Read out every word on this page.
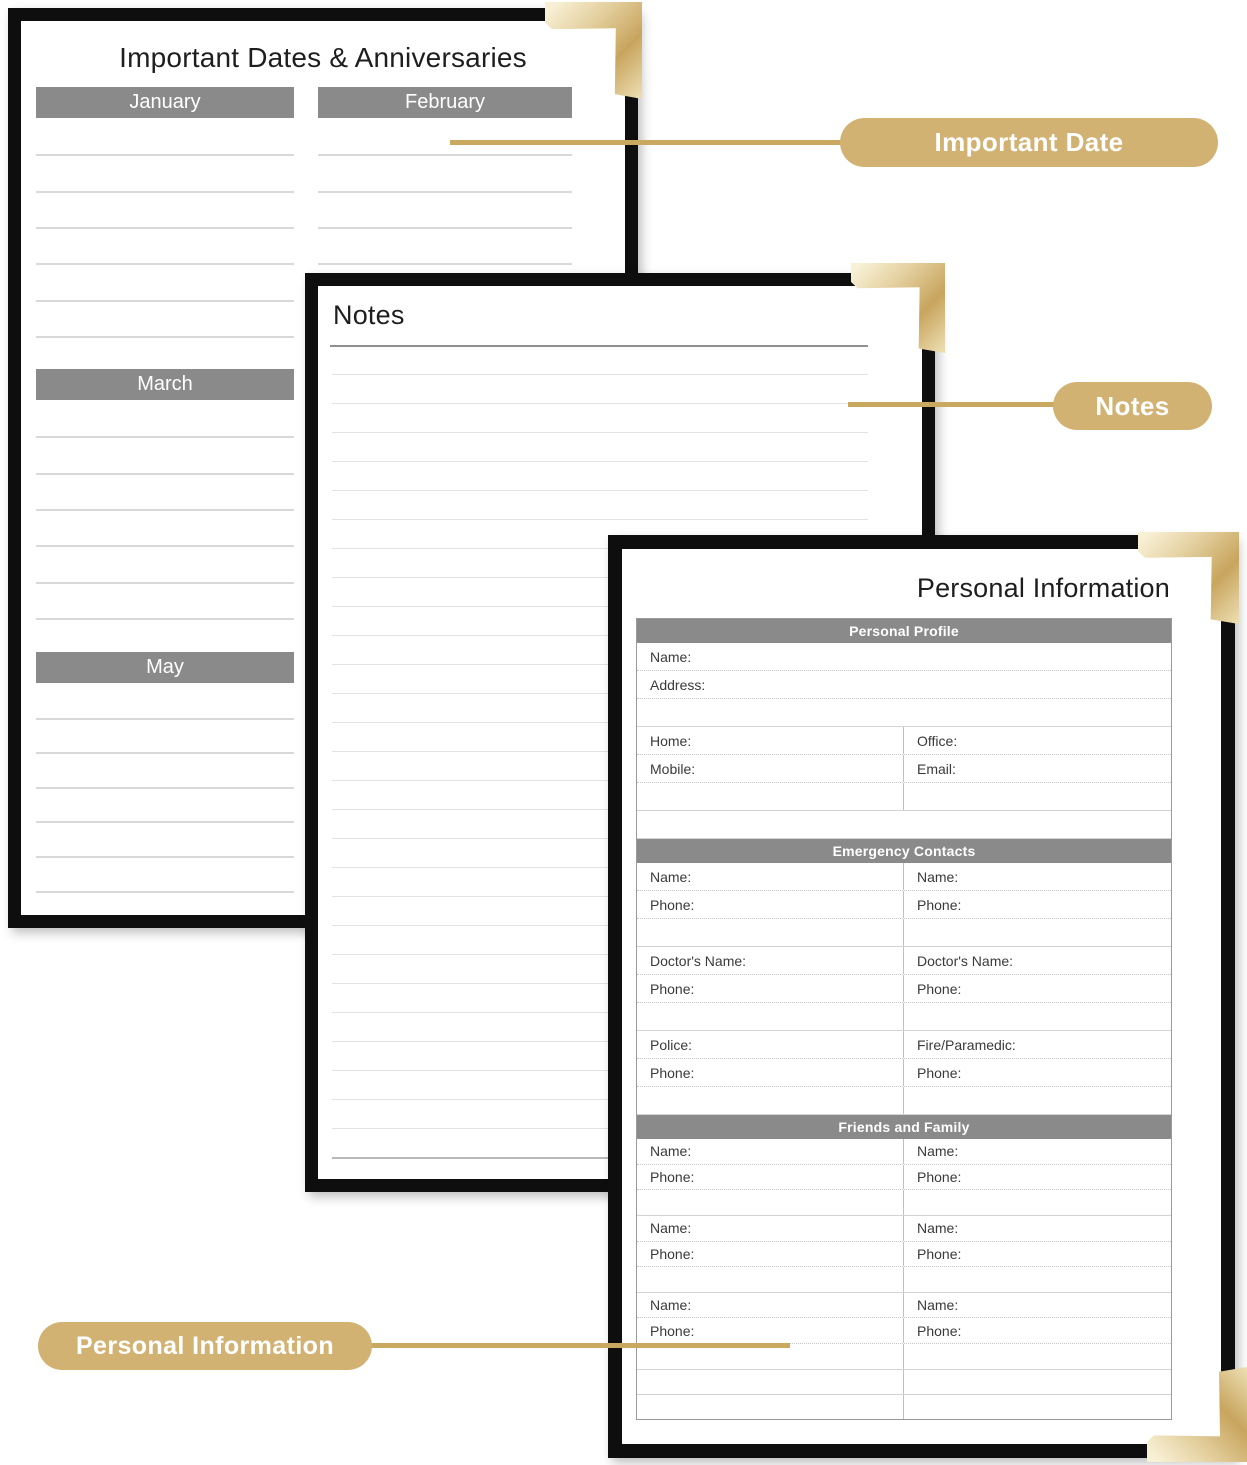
Important Dates & Anniversaries
January
March
May
February
Notes
Personal Information
Personal Profile
Name:
Address:
Home:	Office:
Mobile:	Email:
Emergency Contacts
Name:	Name:
Phone:	Phone:
Doctor's Name:	Doctor's Name:
Phone:	Phone:
Police:	Fire/Paramedic:
Phone:	Phone:
Friends and Family
Name:	Name:
Phone:	Phone:
Name:	Name:
Phone:	Phone:
Name:	Name:
Phone:	Phone:
Important Date
Notes
Personal Information
